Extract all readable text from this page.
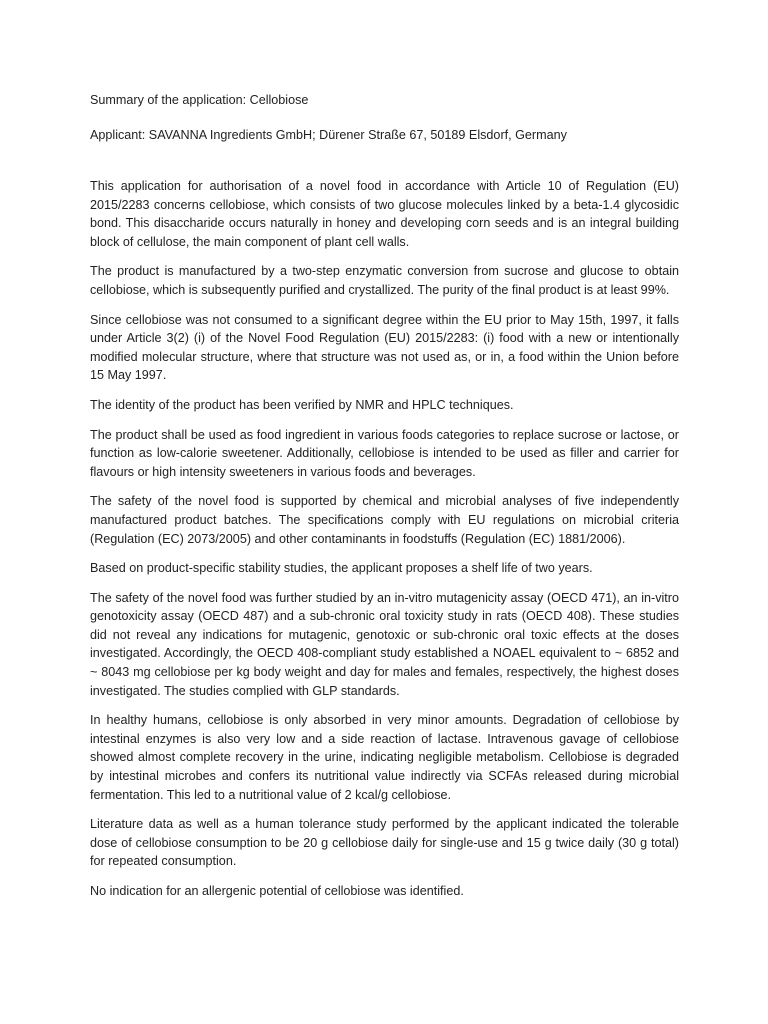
Summary of the application: Cellobiose

Applicant: SAVANNA Ingredients GmbH; Dürener Straße 67, 50189 Elsdorf, Germany

This application for authorisation of a novel food in accordance with Article 10 of Regulation (EU) 2015/2283 concerns cellobiose, which consists of two glucose molecules linked by a beta-1.4 glycosidic bond. This disaccharide occurs naturally in honey and developing corn seeds and is an integral building block of cellulose, the main component of plant cell walls.

The product is manufactured by a two-step enzymatic conversion from sucrose and glucose to obtain cellobiose, which is subsequently purified and crystallized. The purity of the final product is at least 99%.

Since cellobiose was not consumed to a significant degree within the EU prior to May 15th, 1997, it falls under Article 3(2) (i) of the Novel Food Regulation (EU) 2015/2283: (i) food with a new or intentionally modified molecular structure, where that structure was not used as, or in, a food within the Union before 15 May 1997.

The identity of the product has been verified by NMR and HPLC techniques.

The product shall be used as food ingredient in various foods categories to replace sucrose or lactose, or function as low-calorie sweetener. Additionally, cellobiose is intended to be used as filler and carrier for flavours or high intensity sweeteners in various foods and beverages.

The safety of the novel food is supported by chemical and microbial analyses of five independently manufactured product batches. The specifications comply with EU regulations on microbial criteria (Regulation (EC) 2073/2005) and other contaminants in foodstuffs (Regulation (EC) 1881/2006).

Based on product-specific stability studies, the applicant proposes a shelf life of two years.

The safety of the novel food was further studied by an in-vitro mutagenicity assay (OECD 471), an in-vitro genotoxicity assay (OECD 487) and a sub-chronic oral toxicity study in rats (OECD 408). These studies did not reveal any indications for mutagenic, genotoxic or sub-chronic oral toxic effects at the doses investigated. Accordingly, the OECD 408-compliant study established a NOAEL equivalent to ~ 6852 and ~ 8043 mg cellobiose per kg body weight and day for males and females, respectively, the highest doses investigated. The studies complied with GLP standards.

In healthy humans, cellobiose is only absorbed in very minor amounts. Degradation of cellobiose by intestinal enzymes is also very low and a side reaction of lactase. Intravenous gavage of cellobiose showed almost complete recovery in the urine, indicating negligible metabolism. Cellobiose is degraded by intestinal microbes and confers its nutritional value indirectly via SCFAs released during microbial fermentation. This led to a nutritional value of 2 kcal/g cellobiose.

Literature data as well as a human tolerance study performed by the applicant indicated the tolerable dose of cellobiose consumption to be 20 g cellobiose daily for single-use and 15 g twice daily (30 g total) for repeated consumption.

No indication for an allergenic potential of cellobiose was identified.
